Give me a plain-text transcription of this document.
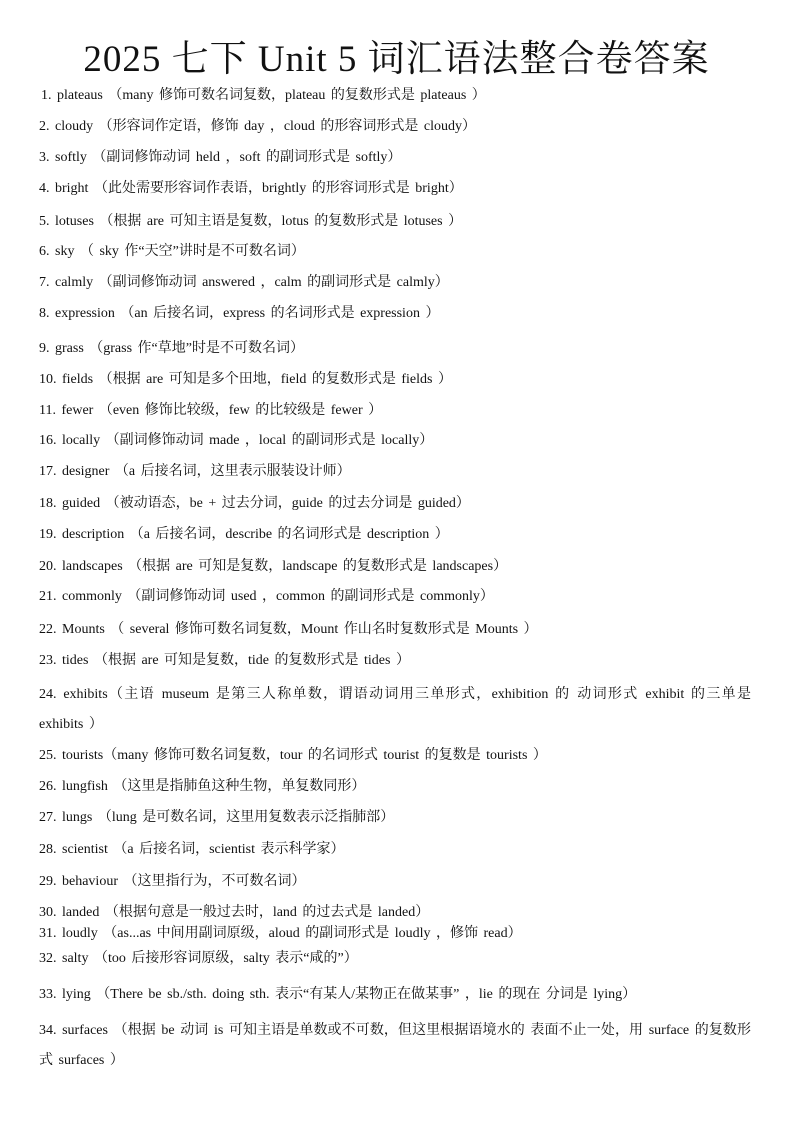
2025 七下 Unit 5 词汇语法整合卷答案
1. plateaus （many 修饰可数名词复数，plateau 的复数形式是 plateaus ）
2. cloudy （形容词作定语，修饰 day ，cloud 的形容词形式是 cloudy）
3. softly （副词修饰动词 held ，soft 的副词形式是 softly）
4. bright （此处需要形容词作表语，brightly 的形容词形式是 bright）
5. lotuses （根据 are 可知主语是复数，lotus 的复数形式是 lotuses ）
6. sky （ sky 作“天空”讲时是不可数名词）
7. calmly （副词修饰动词 answered ，calm 的副词形式是 calmly）
8. expression （an 后接名词，express 的名词形式是 expression ）
9. grass （grass 作“草地”时是不可数名词）
10. fields （根据 are 可知是多个田地，field 的复数形式是 fields ）
11. fewer （even 修饰比较级，few 的比较级是 fewer ）
16. locally （副词修饰动词 made ，local 的副词形式是 locally）
17. designer （a 后接名词，这里表示服装设计师）
18. guided （被动语态，be + 过去分词，guide 的过去分词是 guided）
19. description （a 后接名词，describe 的名词形式是 description ）
20. landscapes （根据 are 可知是复数，landscape 的复数形式是 landscapes）
21. commonly （副词修饰动词 used ，common 的副词形式是 commonly）
22. Mounts （ several 修饰可数名词复数，Mount 作山名时复数形式是 Mounts ）
23. tides （根据 are 可知是复数，tide 的复数形式是 tides ）
24. exhibits（主语 museum 是第三人称单数，谓语动词用三单形式，exhibition 的 动词形式 exhibit 的三单是 exhibits ）
25. tourists（many 修饰可数名词复数，tour 的名词形式 tourist 的复数是 tourists ）
26. lungfish （这里是指肺鱼这种生物，单复数同形）
27. lungs （lung 是可数名词，这里用复数表示泛指肺部）
28. scientist （a 后接名词，scientist 表示科学家）
29. behaviour （这里指行为，不可数名词）
30. landed （根据句意是一般过去时，land 的过去式是 landed）
31. loudly （as...as 中间用副词原级，aloud 的副词形式是 loudly ，修饰 read）
32. salty （too 后接形容词原级，salty 表示“咸的”）
33. lying （There be sb./sth. doing sth. 表示“有某人/某物正在做某事” ，lie 的现在 分词是 lying）
34. surfaces （根据 be 动词 is 可知主语是单数或不可数，但这里根据语境水的 表面不止一处，用 surface 的复数形式 surfaces ）
